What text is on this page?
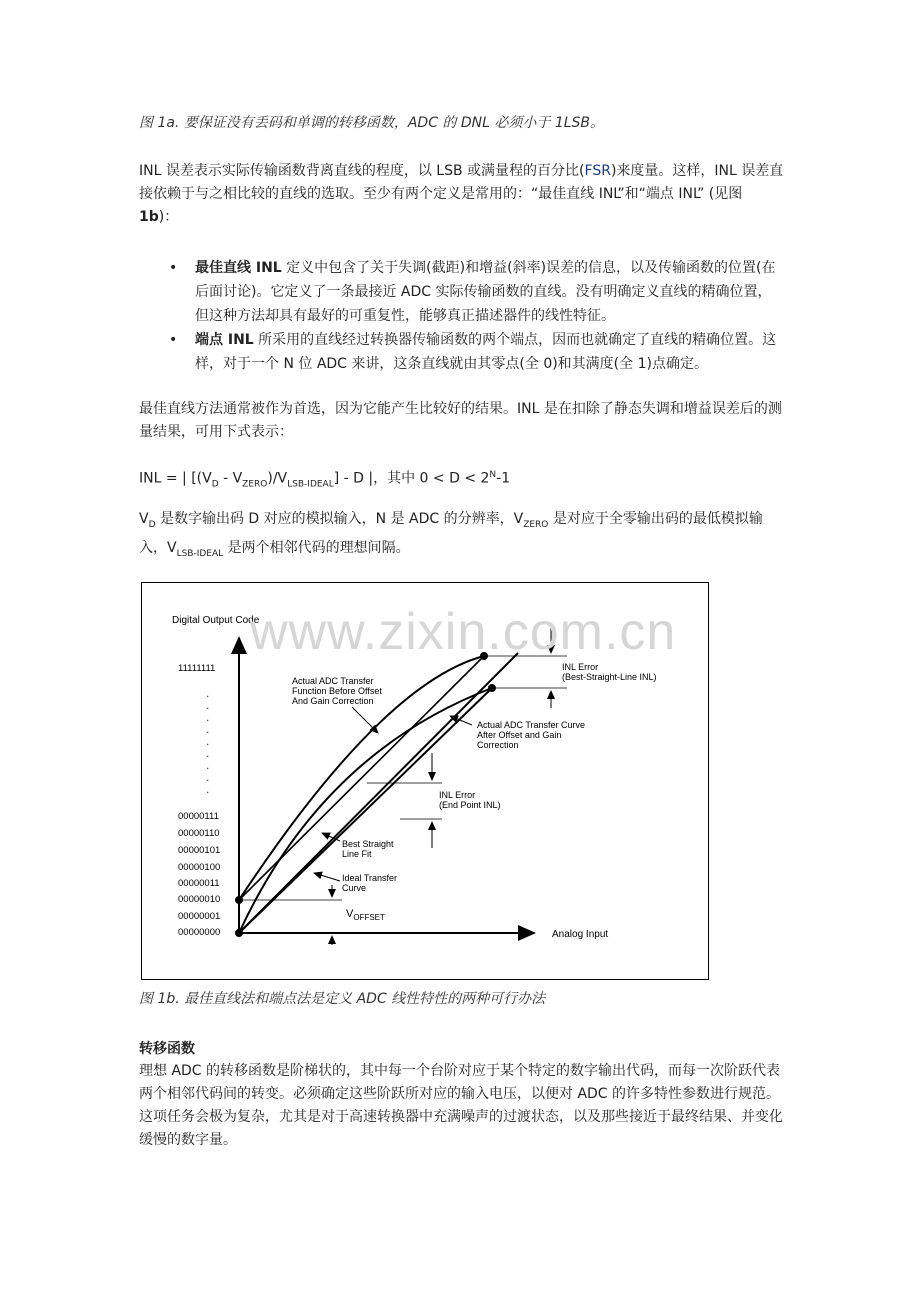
图 1a. 要保证没有丢码和单调的转移函数，ADC 的 DNL 必须小于 1LSB。

INL 误差表示实际传输函数背离直线的程度，以 LSB 或满量程的百分比(FSR)来度量。这样，INL 误差直接依赖于与之相比较的直线的选取。至少有两个定义是常用的：“最佳直线 INL”和“端点 INL” (见图 1b)：

• 最佳直线 INL 定义中包含了关于失调(截距)和增益(斜率)误差的信息，以及传输函数的位置(在后面讨论)。它定义了一条最接近 ADC 实际传输函数的直线。没有明确定义直线的精确位置，但这种方法却具有最好的可重复性，能够真正描述器件的线性特征。
• 端点 INL 所采用的直线经过转换器传输函数的两个端点，因而也就确定了直线的精确位置。这样，对于一个 N 位 ADC 来讲，这条直线就由其零点(全 0)和其满度(全 1)点确定。

最佳直线方法通常被作为首选，因为它能产生比较好的结果。INL 是在扣除了静态失调和增益误差后的测量结果，可用下式表示：

INL = | $[(V_D - V_{ZERO})/V_{LSB-IDEAL}]$ - D |，其中 $0 < D < 2^N-1$

$V_D$ 是数字输出码 D 对应的模拟输入，N 是 ADC 的分辨率，$V_{ZERO}$ 是对应于全零输出码的最低模拟输入，$V_{LSB-IDEAL}$ 是两个相邻代码的理想间隔。

Digital Output Code
Analog Input
11111111
.
.
.
.
.
.
.
.
.
00000000
00000001
00000010
00000011
00000100
00000101
00000110
00000111
Actual ADC Transfer
Function Before Offset
And Gain Correction
INL Error
(Best-Straight-Line INL)
Actual ADC Transfer Curve
After Offset and Gain
Correction
INL Error
(End Point INL)
Best Straight
Line Fit
Ideal Transfer
Curve
$V_{OFFSET}$
www.zixin.com.cn

图 1b. 最佳直线法和端点法是定义 ADC 线性特性的两种可行办法

转移函数

理想 ADC 的转移函数是阶梯状的，其中每一个台阶对应于某个特定的数字输出代码，而每一次阶跃代表两个相邻代码间的转变。必须确定这些阶跃所对应的输入电压，以便对 ADC 的许多特性参数进行规范。这项任务会极为复杂，尤其是对于高速转换器中充满噪声的过渡状态，以及那些接近于最终结果、并变化缓慢的数字量。
